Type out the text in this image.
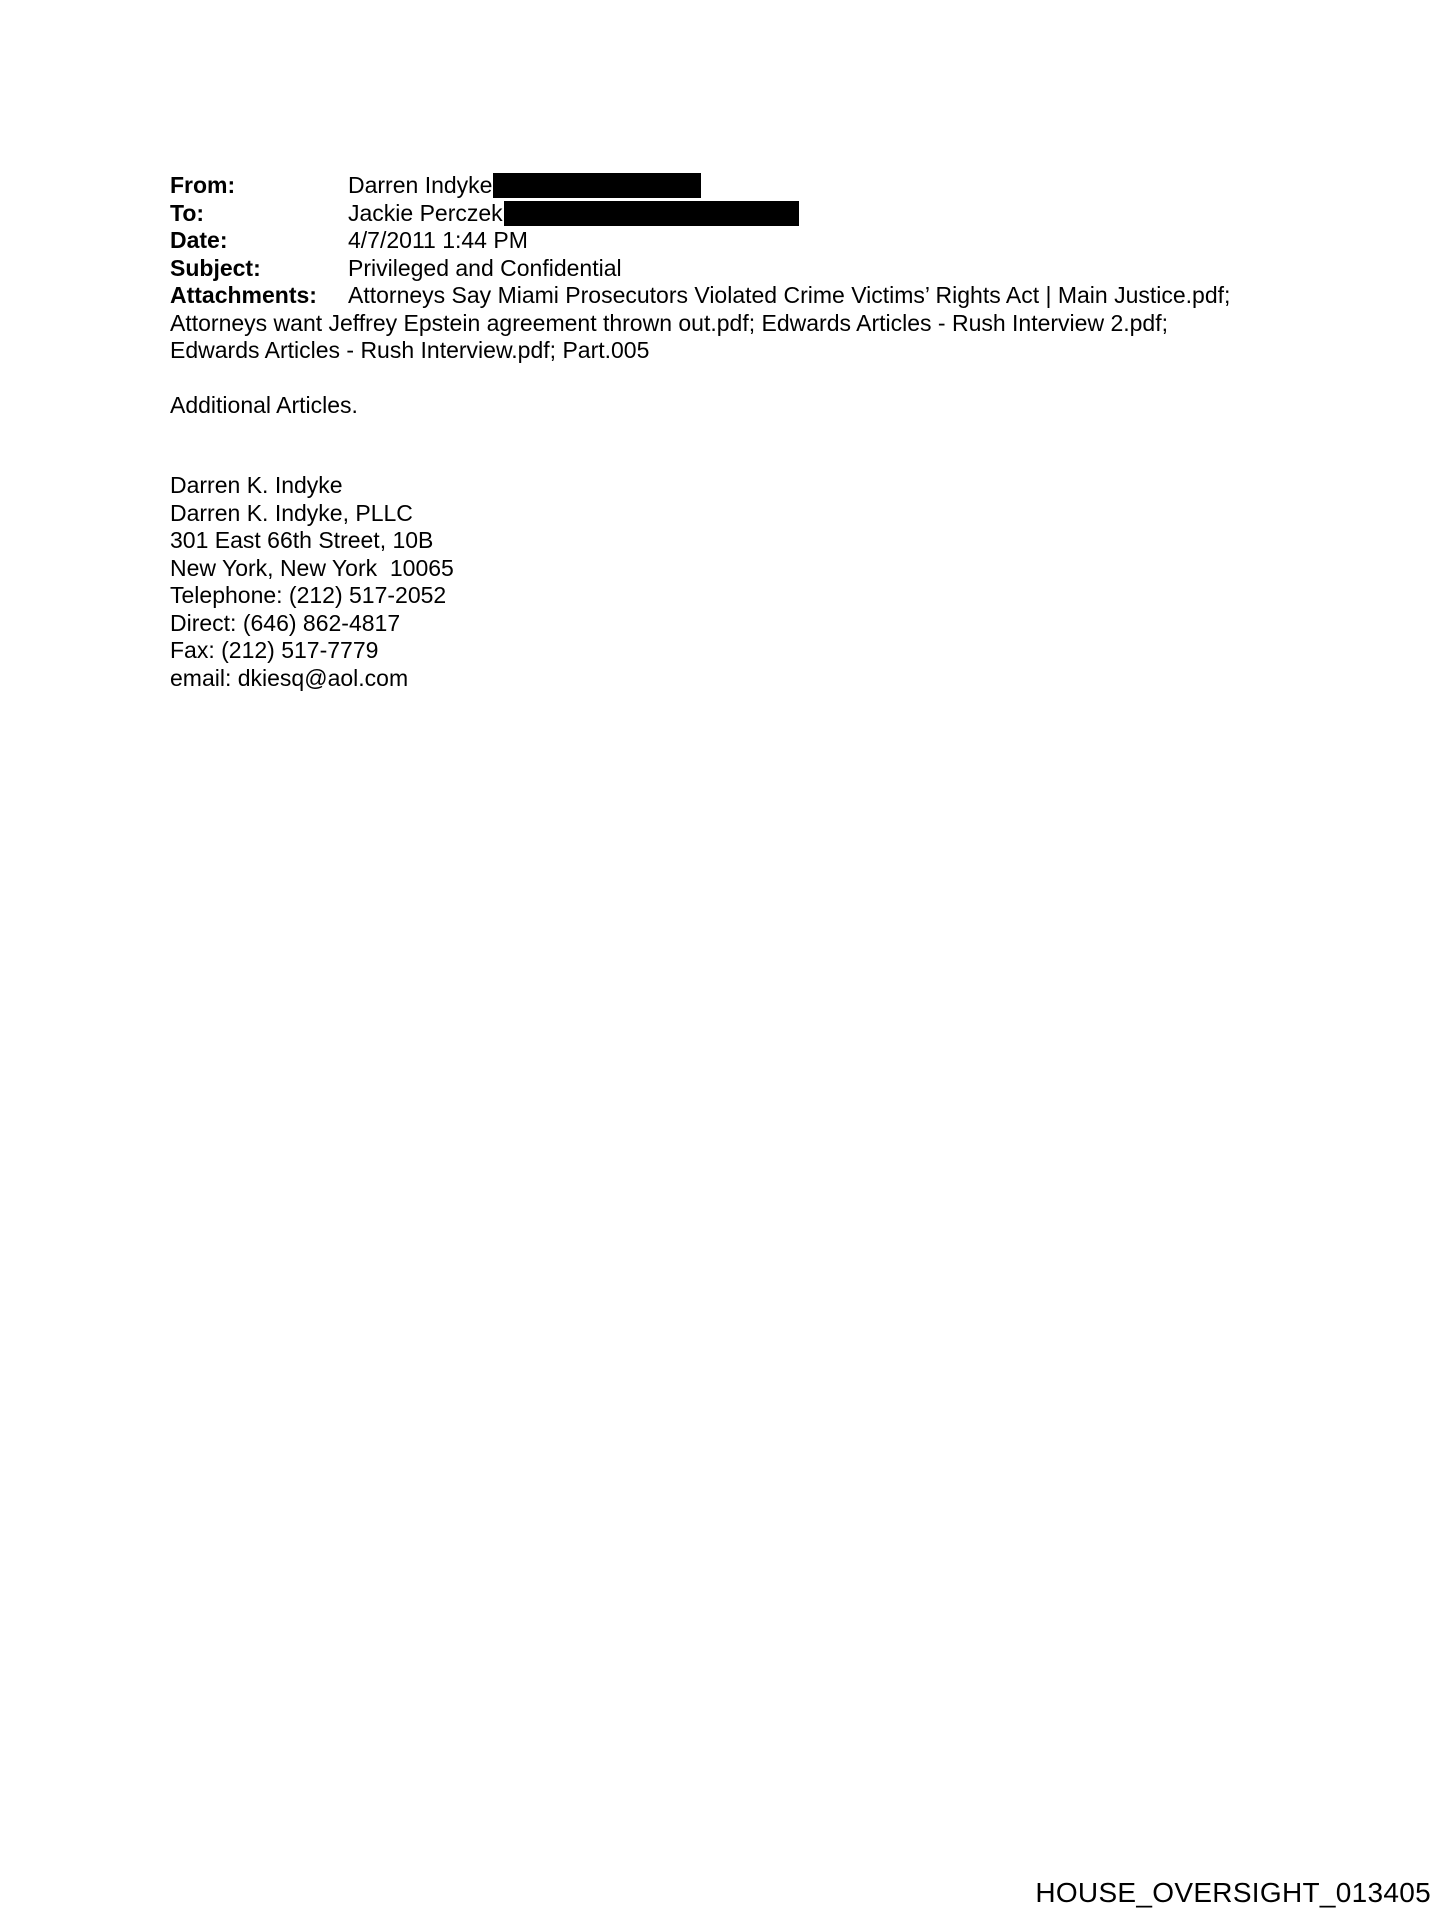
From:	Darren Indyke
To:	Jackie Perczek
Date:	4/7/2011 1:44 PM
Subject:	Privileged and Confidential
Attachments: Attorneys Say Miami Prosecutors Violated Crime Victims’ Rights Act | Main Justice.pdf;
Attorneys want Jeffrey Epstein agreement thrown out.pdf; Edwards Articles - Rush Interview 2.pdf;
Edwards Articles - Rush Interview.pdf; Part.005
Additional Articles.
Darren K. Indyke
Darren K. Indyke, PLLC
301 East 66th Street, 10B
New York, New York  10065
Telephone: (212) 517-2052
Direct: (646) 862-4817
Fax: (212) 517-7779
email: dkiesq@aol.com
HOUSE_OVERSIGHT_013405
